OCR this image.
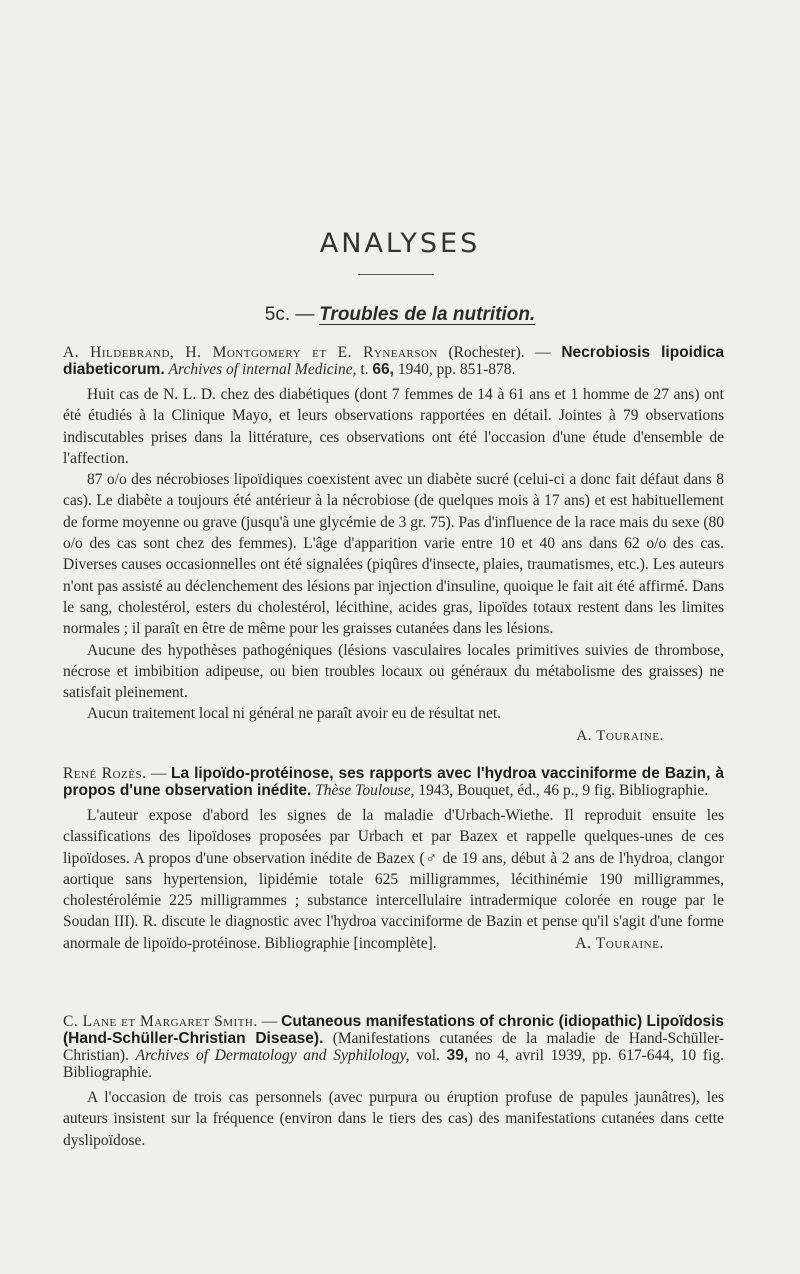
ANALYSES
5c. — Troubles de la nutrition.
A. Hildebrand, H. Montgomery et E. Rynearson (Rochester). — Necrobiosis lipoidica diabeticorum. Archives of internal Medicine, t. 66, 1940, pp. 851-878.

Huit cas de N. L. D. chez des diabétiques (dont 7 femmes de 14 à 61 ans et 1 homme de 27 ans) ont été étudiés à la Clinique Mayo, et leurs observations rapportées en détail. Jointes à 79 observations indiscutables prises dans la littérature, ces observations ont été l'occasion d'une étude d'ensemble de l'affection.

87 o/o des nécrobioses lipoïdiques coexistent avec un diabète sucré (celui-ci a donc fait défaut dans 8 cas). Le diabète a toujours été antérieur à la nécrobiose (de quelques mois à 17 ans) et est habituellement de forme moyenne ou grave (jusqu'à une glycémie de 3 gr. 75). Pas d'influence de la race mais du sexe (80 o/o des cas sont chez des femmes). L'âge d'apparition varie entre 10 et 40 ans dans 62 o/o des cas. Diverses causes occasionnelles ont été signalées (piqûres d'insecte, plaies, traumatismes, etc.). Les auteurs n'ont pas assisté au déclenchement des lésions par injection d'insuline, quoique le fait ait été affirmé. Dans le sang, cholestérol, esters du cholestérol, lécithine, acides gras, lipoïdes totaux restent dans les limites normales ; il paraît en être de même pour les graisses cutanées dans les lésions.

Aucune des hypothèses pathogéniques (lésions vasculaires locales primitives suivies de thrombose, nécrose et imbibition adipeuse, ou bien troubles locaux ou généraux du métabolisme des graisses) ne satisfait pleinement.

Aucun traitement local ni général ne paraît avoir eu de résultat net.

A. Touraine.
René Rozès. — La lipoïdo-protéinose, ses rapports avec l'hydroa vacciniforme de Bazin, à propos d'une observation inédite. Thèse Toulouse, 1943, Bouquet, éd., 46 p., 9 fig. Bibliographie.

L'auteur expose d'abord les signes de la maladie d'Urbach-Wiethe. Il reproduit ensuite les classifications des lipoïdoses proposées par Urbach et par Bazex et rappelle quelques-unes de ces lipoïdoses. A propos d'une observation inédite de Bazex (♂ de 19 ans, début à 2 ans de l'hydroa, clangor aortique sans hypertension, lipidémie totale 625 milligrammes, lécithinémie 190 milligrammes, cholestérolémie 225 milligrammes ; substance intercellulaire intradermique colorée en rouge par le Soudan III). R. discute le diagnostic avec l'hydroa vacciniforme de Bazin et pense qu'il s'agit d'une forme anormale de lipoïdo-protéinose. Bibliographie [incomplète].	A. Touraine.

C. Lane et Margaret Smith. — Cutaneous manifestations of chronic (idiopathic) Lipoïdosis (Hand-Schüller-Christian Disease). (Manifestations cutanées de la maladie de Hand-Schüller-Christian). Archives of Dermatology and Syphilology, vol. 39, no 4, avril 1939, pp. 617-644, 10 fig. Bibliographie.

A l'occasion de trois cas personnels (avec purpura ou éruption profuse de papules jaunâtres), les auteurs insistent sur la fréquence (environ dans le tiers des cas) des manifestations cutanées dans cette dyslipoïdose.
